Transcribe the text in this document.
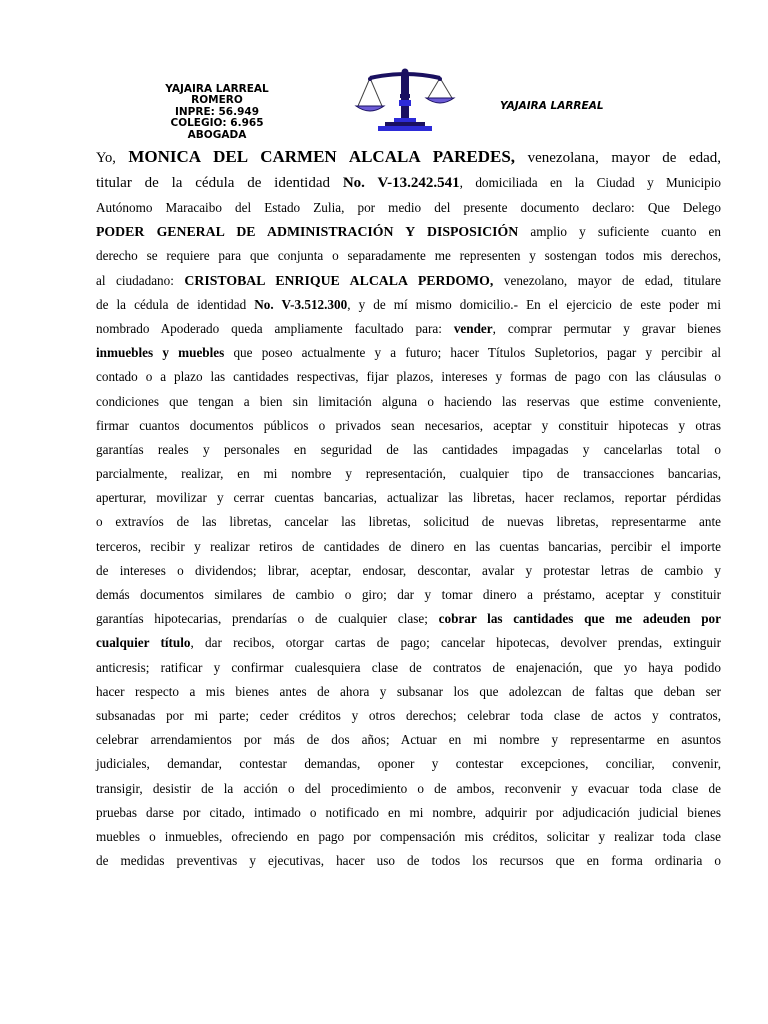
YAJAIRA LARREAL
ROMERO
INPRE: 56.949
COLEGIO: 6.965
ABOGADA
YAJAIRA LARREAL
Yo, MONICA DEL CARMEN ALCALA PAREDES, venezolana, mayor de edad,
titular de la cédula de identidad No. V-13.242.541, domiciliada en la Ciudad y Municipio
Autónomo Maracaibo del Estado Zulia, por medio del presente documento declaro: Que Delego
PODER GENERAL DE ADMINISTRACIÓN Y DISPOSICIÓN amplio y suficiente cuanto en
derecho se requiere para que conjunta o separadamente me representen y sostengan todos mis derechos,
al ciudadano: CRISTOBAL ENRIQUE ALCALA PERDOMO, venezolano, mayor de edad, titulare
de la cédula de identidad No. V-3.512.300, y de mí mismo domicilio.- En el ejercicio de este poder mi
nombrado Apoderado queda ampliamente facultado para: vender, comprar permutar y gravar bienes
inmuebles y muebles que poseo actualmente y a futuro; hacer Títulos Supletorios, pagar y percibir al
contado o a plazo las cantidades respectivas, fijar plazos, intereses y formas de pago con las cláusulas o
condiciones que tengan a bien sin limitación alguna o haciendo las reservas que estime conveniente,
firmar cuantos documentos públicos o privados sean necesarios, aceptar y constituir hipotecas y otras
garantías reales y personales en seguridad de las cantidades impagadas y cancelarlas total o
parcialmente, realizar, en mi nombre y representación, cualquier tipo de transacciones bancarias,
aperturar, movilizar y cerrar cuentas bancarias, actualizar las libretas, hacer reclamos, reportar pérdidas
o extravíos de las libretas, cancelar las libretas, solicitud de nuevas libretas, representarme ante
terceros, recibir y realizar retiros de cantidades de dinero en las cuentas bancarias, percibir el importe
de intereses o dividendos; librar, aceptar, endosar, descontar, avalar y protestar letras de cambio y
demás documentos similares de cambio o giro; dar y tomar dinero a préstamo, aceptar y constituir
garantías hipotecarias, prendarías o de cualquier clase; cobrar las cantidades que me adeuden por
cualquier título, dar recibos, otorgar cartas de pago; cancelar hipotecas, devolver prendas, extinguir
anticresis; ratificar y confirmar cualesquiera clase de contratos de enajenación, que yo haya podido
hacer respecto a mis bienes antes de ahora y subsanar los que adolezcan de faltas que deban ser
subsanadas por mi parte; ceder créditos y otros derechos; celebrar toda clase de actos y contratos,
celebrar arrendamientos por más de dos años; Actuar en mi nombre y representarme en asuntos
judiciales, demandar, contestar demandas, oponer y contestar excepciones, conciliar, convenir,
transigir, desistir de la acción o del procedimiento o de ambos, reconvenir y evacuar toda clase de
pruebas darse por citado, intimado o notificado en mi nombre, adquirir por adjudicación judicial bienes
muebles o inmuebles, ofreciendo en pago por compensación mis créditos, solicitar y realizar toda clase
de medidas preventivas y ejecutivas, hacer uso de todos los recursos que en forma ordinaria o
